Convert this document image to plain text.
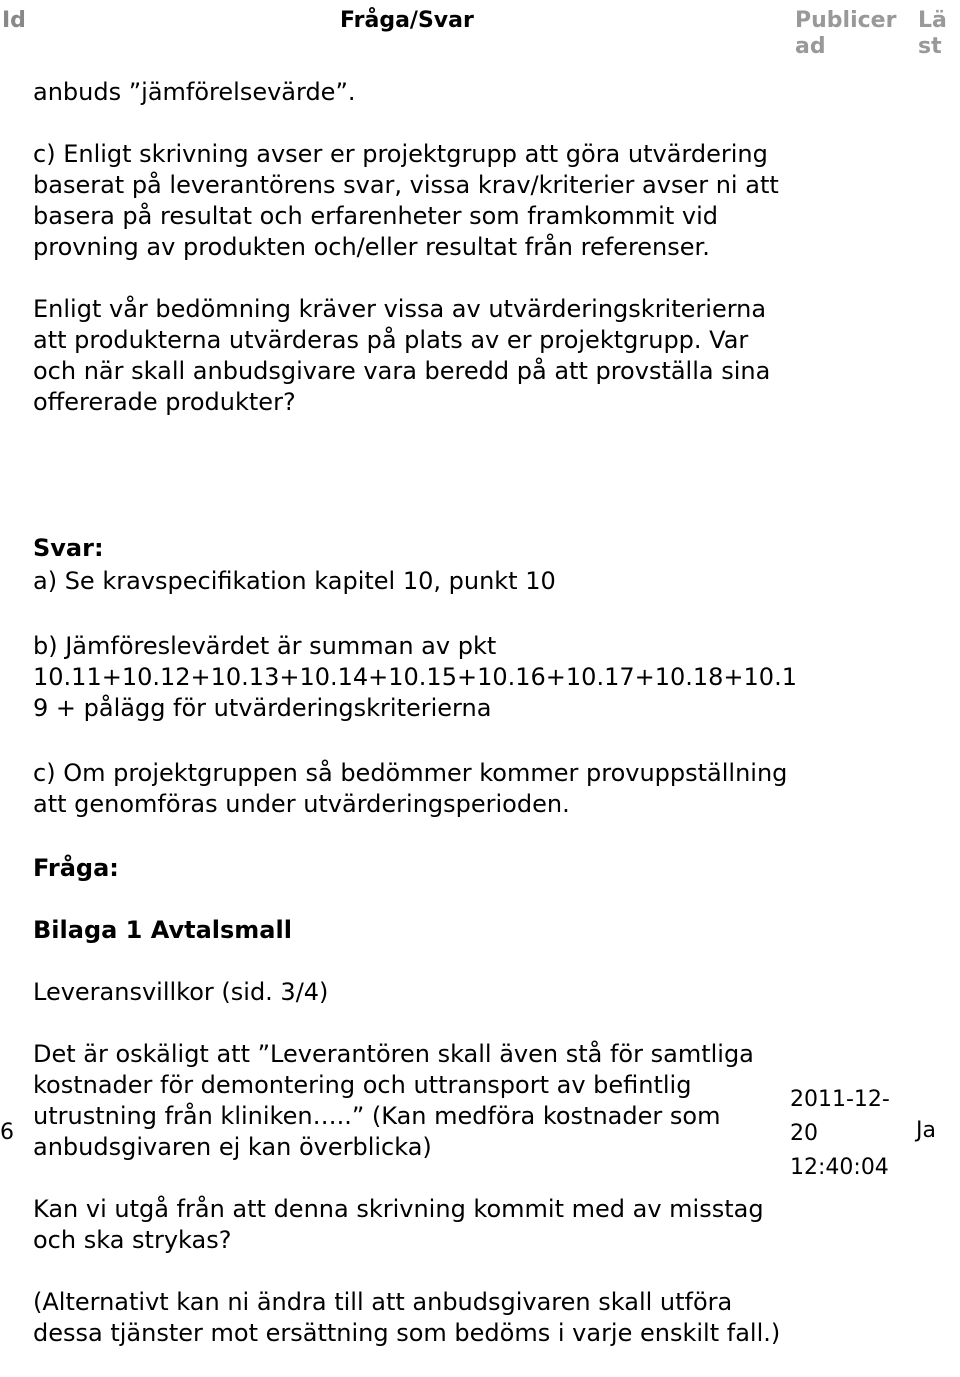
Id	Fråga/Svar	Publicerad
Läst

anbuds ”jämförelsevärde”.

c) Enligt skrivning avser er projektgrupp att göra utvärdering baserat på leverantörens svar, vissa krav/kriterier avser ni att basera på resultat och erfarenheter som framkommit vid provning av produkten och/eller resultat från referenser.

Enligt vår bedömning kräver vissa av utvärderingskriterierna att produkterna utvärderas på plats av er projektgrupp. Var och när skall anbudsgivare vara beredd på att provställa sina offererade produkter?

Svar:

a) Se kravspecifikation kapitel 10, punkt 10

b) Jämföreslevärdet är summan av pkt

10.11+10.12+10.13+10.14+10.15+10.16+10.17+10.18+10.1

9 + pålägg för utvärderingskriterierna

c) Om projektgruppen så bedömmer kommer provuppställning att genomföras under utvärderingsperioden.

Fråga:

Bilaga 1 Avtalsmall

Leveransvillkor (sid. 3/4)

Det är oskäligt att ”Leverantören skall även stå för samtliga kostnader för demontering och uttransport av befintlig utrustning från kliniken…..” (Kan medföra kostnader som anbudsgivaren ej kan överblicka)

Kan vi utgå från att denna skrivning kommit med av misstag och ska strykas?

(Alternativt kan ni ändra till att anbudsgivaren skall utföra dessa tjänster mot ersättning som bedöms i varje enskilt fall.)

6
2011-12-20
12:40:04
Ja
